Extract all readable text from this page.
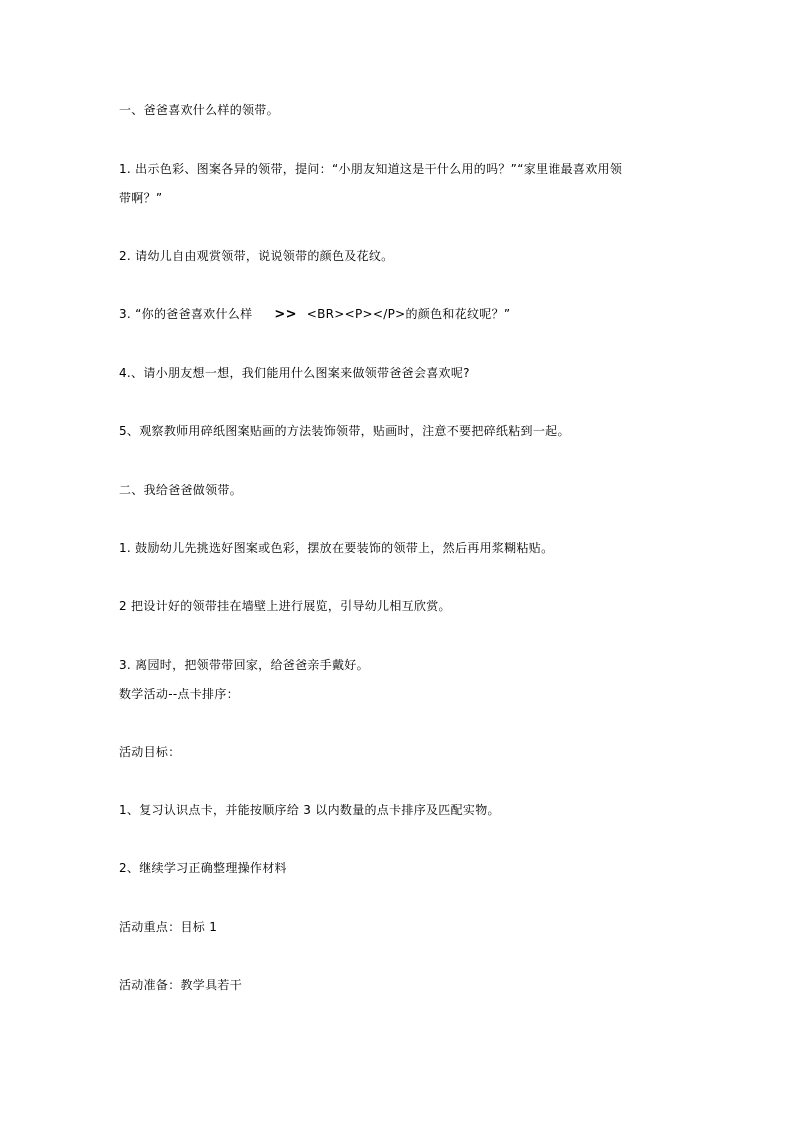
一、爸爸喜欢什么样的领带。
1. 出示色彩、图案各异的领带，提问：“小朋友知道这是干什么用的吗？”“家里谁最喜欢用领
带啊？”
2. 请幼儿自由观赏领带，说说领带的颜色及花纹。
3. “你的爸爸喜欢什么样 >> <BR><P></P>的颜色和花纹呢？”
4.、请小朋友想一想，我们能用什么图案来做领带爸爸会喜欢呢?
5、观察教师用碎纸图案贴画的方法装饰领带，贴画时，注意不要把碎纸粘到一起。
二、我给爸爸做领带。
1. 鼓励幼儿先挑选好图案或色彩，摆放在要装饰的领带上，然后再用浆糊粘贴。
2 把设计好的领带挂在墙壁上进行展览，引导幼儿相互欣赏。
3. 离园时，把领带带回家，给爸爸亲手戴好。
数学活动--点卡排序：
活动目标：
1、复习认识点卡，并能按顺序给 3 以内数量的点卡排序及匹配实物。
2、继续学习正确整理操作材料
活动重点：目标 1
活动准备：教学具若干
